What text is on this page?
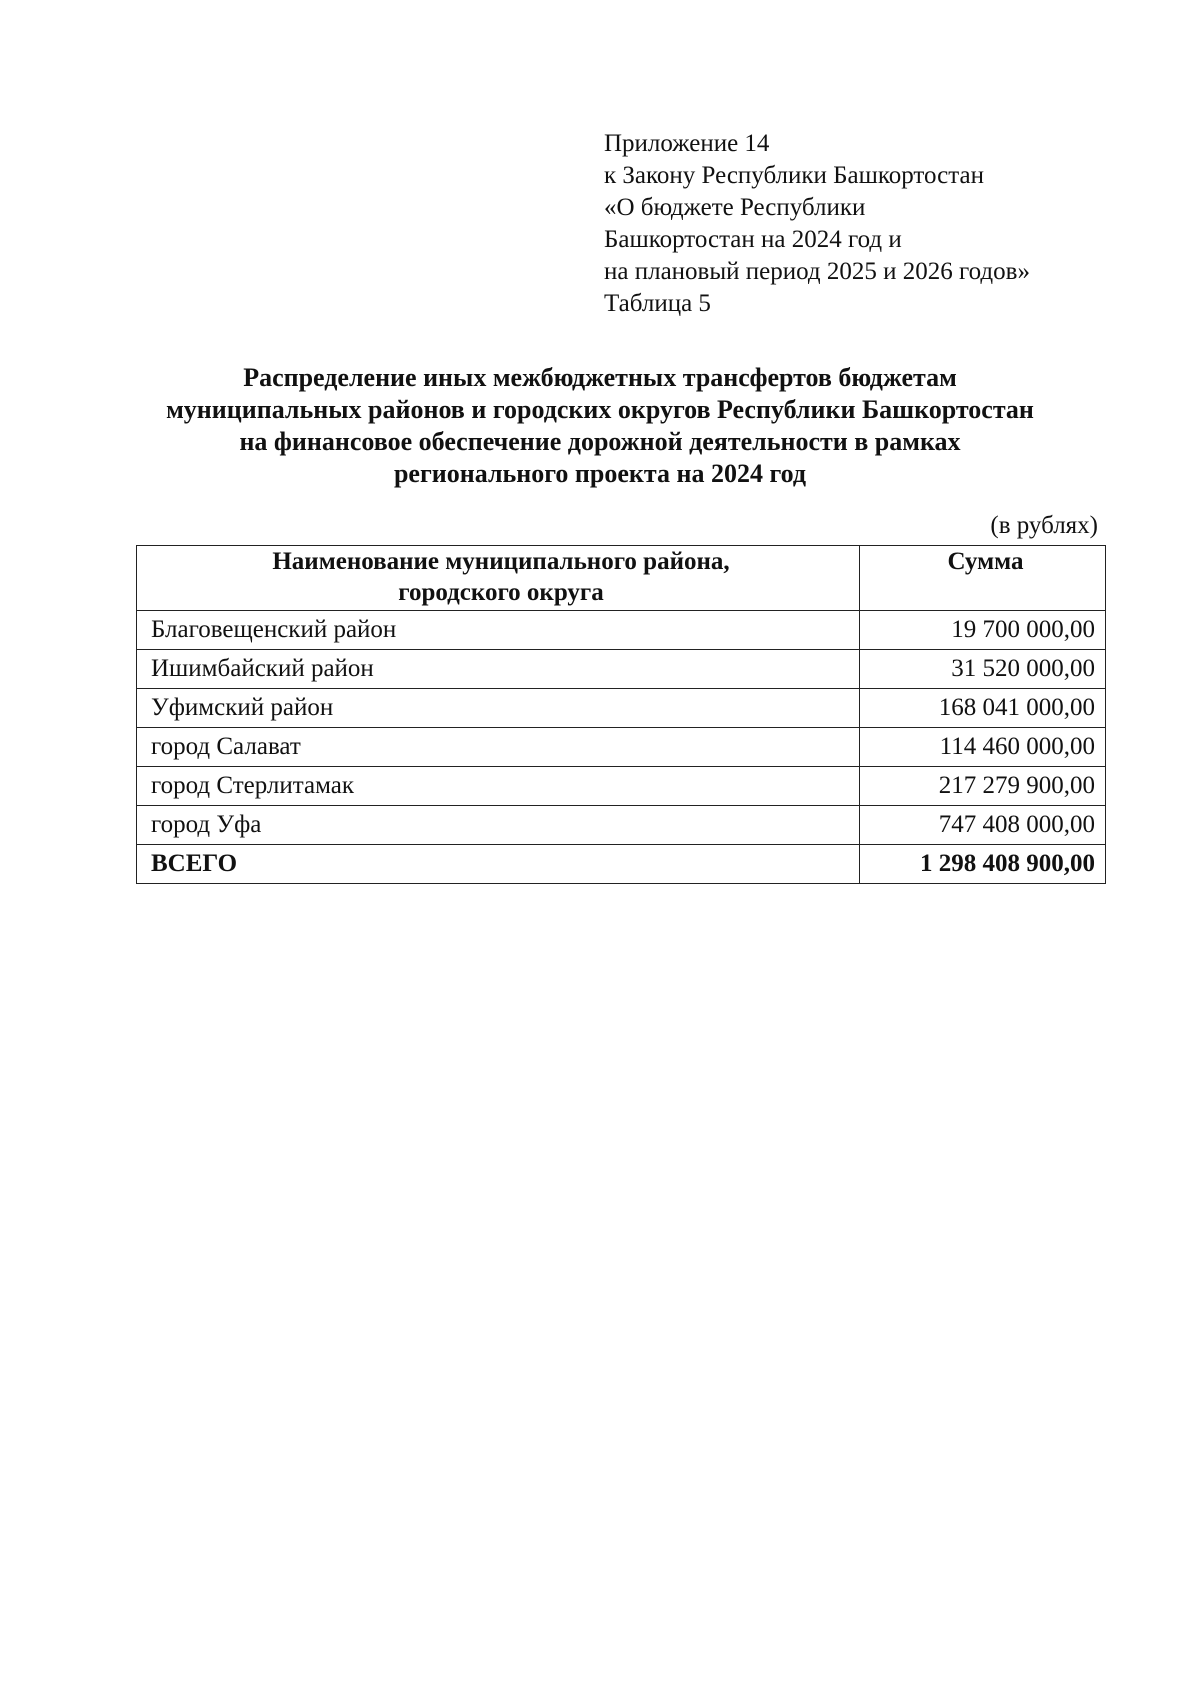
Приложение 14
к Закону Республики Башкортостан
«О бюджете Республики
Башкортостан на 2024 год и
на плановый период 2025 и 2026 годов»
Таблица 5
Распределение иных межбюджетных трансфертов бюджетам
муниципальных районов и городских округов Республики Башкортостан
на финансовое обеспечение дорожной деятельности в рамках
регионального проекта на 2024 год
(в рублях)
Наименование муниципального района,
городского округа	Сумма
Благовещенский район	19 700 000,00
Ишимбайский район	31 520 000,00
Уфимский район	168 041 000,00
город Салават	114 460 000,00
город Стерлитамак	217 279 900,00
город Уфа	747 408 000,00
ВСЕГО	1 298 408 900,00
